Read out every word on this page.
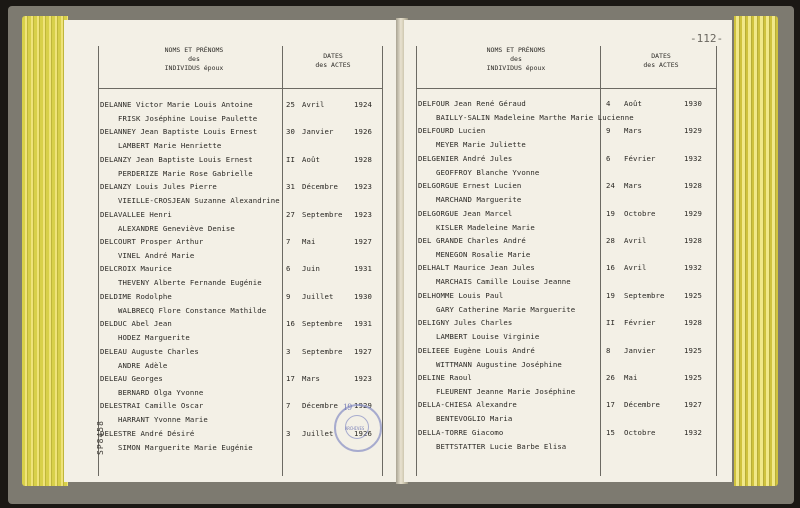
NOMS ET PRÉNOMS
des
INDIVIDUS époux
DATES
des ACTES
DELANNE Victor Marie Louis Antoine
FRISK Joséphine Louise Paulette
25 Avril	1924
DELANNEY Jean Baptiste Louis Ernest
LAMBERT Marie Henriette
30 Janvier	1926
DELANZY Jean Baptiste Louis Ernest
PERDERIZE Marie Rose Gabrielle
II Août	1928
DELANZY Louis Jules Pierre
VIEILLE-CROSJEAN Suzanne Alexandrine
31 Décembre 1923
DELAVALLEE Henri
ALEXANDRE Geneviève Denise
27 Septembre 1923
DELCOURT Prosper Arthur
VINEL André Marie
7 Mai	1927
DELCROIX Maurice
THEVENY Alberte Fernande Eugénie
6 Juin	1931
DELDIME Rodolphe
WALBRECQ Flore Constance Mathilde
9 Juillet	1930
DELDUC Abel Jean
HODEZ Marguerite
16 Septembre 1931
DELEAU Auguste Charles
ANDRE Adèle
3 Septembre 1927
DELEAU Georges
BERNARD Olga Yvonne
17 Mars	1923
DELESTRAI Camille Oscar
HARRANT Yvonne Marie
7 Décembre 1929
DELESTRE André Désiré
SIMON Marguerite Marie Eugénie
3 Juillet	1926
SP8458
NOMS ET PRÉNOMS
des
INDIVIDUS époux
DATES
des ACTES
-112-
DELFOUR Jean René Géraud
BAILLY-SALIN Madeleine Marthe Marie Lucienne
4 Août	1930
DELFOURD Lucien
MEYER Marie Juliette
9 Mars	1929
DELGENIER André Jules
GEOFFROY Blanche Yvonne
6 Février	1932
DELGORGUE Ernest Lucien
MARCHAND Marguerite
24 Mars	1928
DELGORGUE Jean Marcel
KISLER Madeleine Marie
19 Octobre	1929
DEL GRANDE Charles André
MENEGON Rosalie Marie
28 Avril	1928
DELHALT Maurice Jean Jules
MARCHAIS Camille Louise Jeanne
16 Avril	1932
DELHOMME Louis Paul
GARY Catherine Marie Marguerite
19 Septembre	1925
DELIGNY Jules Charles
LAMBERT Louise Virginie
II Février	1928
DELIEEE Eugène Louis André
WITTMANN Augustine Joséphine
8 Janvier	1925
DELINE Raoul
FLEURENT Jeanne Marie Joséphine
26 Mai	1925
DELLA-CHIESA Alexandre
BENTEVOGLIO Maria
17 Décembre	1927
DELLA-TORRE Giacomo
BETTSTATTER Lucie Barbe Elisa
15 Octobre	1932
19
ARCHIVES
